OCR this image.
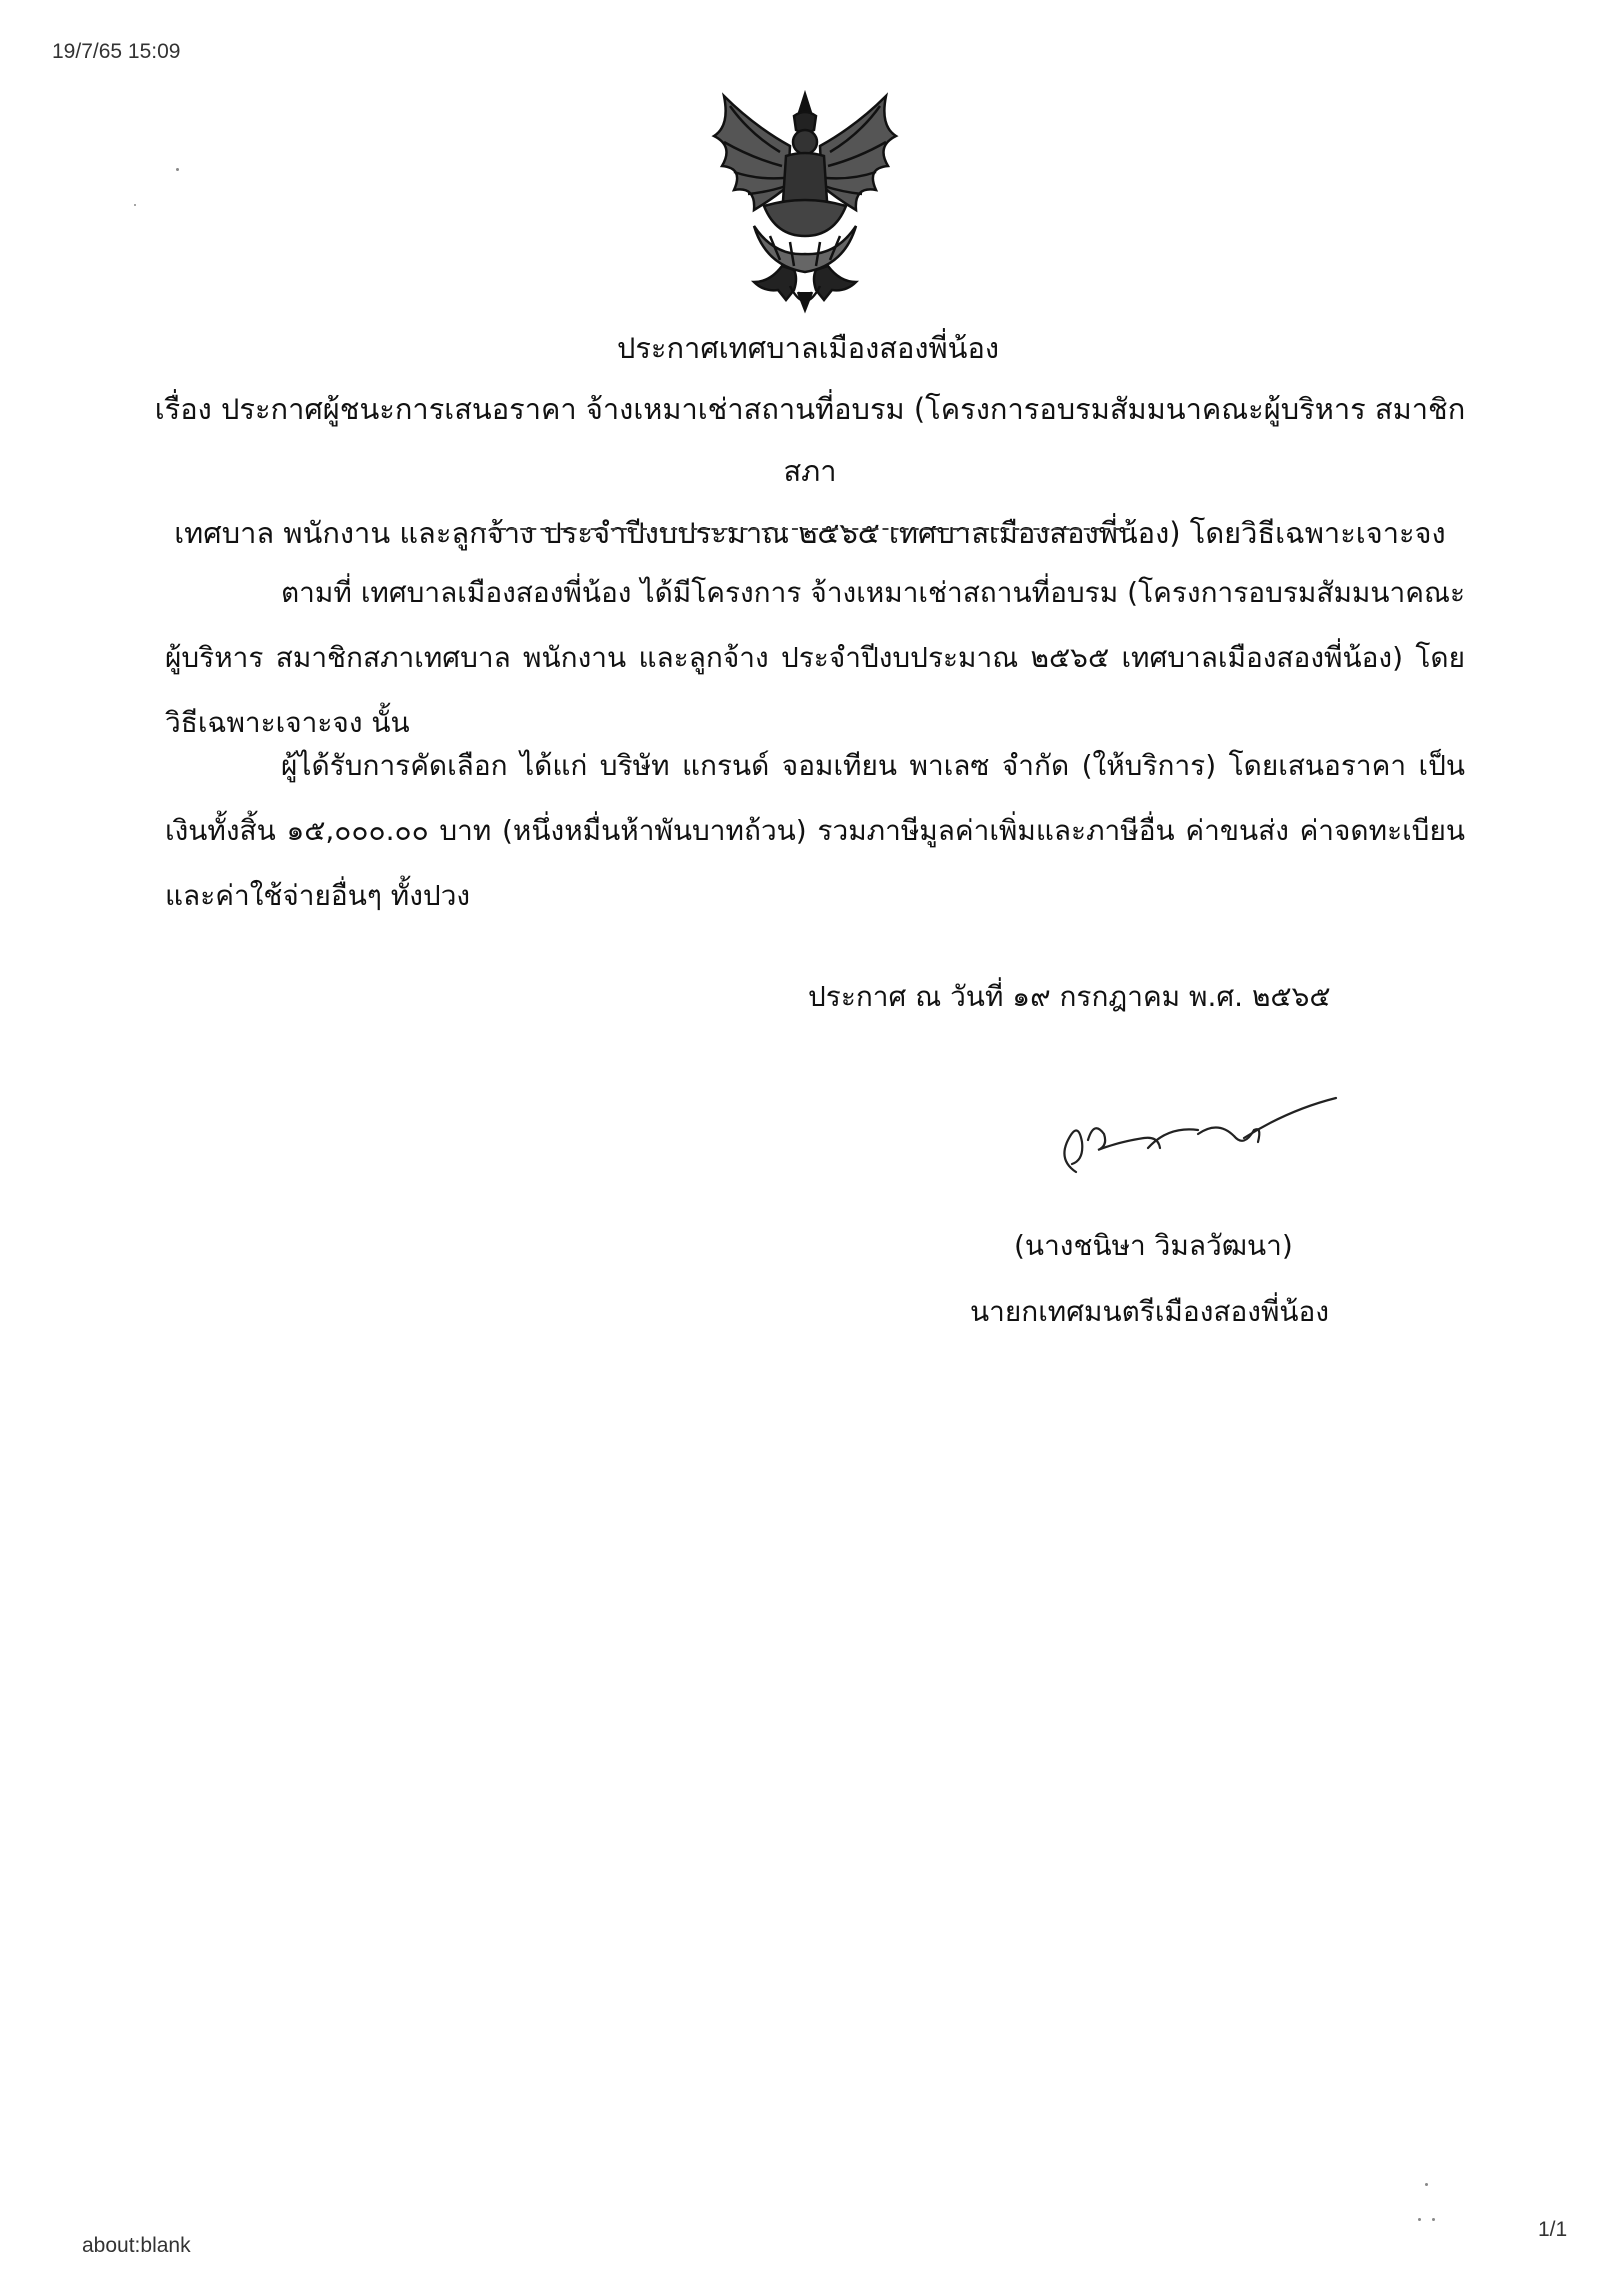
19/7/65 15:09
ประกาศเทศบาลเมืองสองพี่น้อง
เรื่อง ประกาศผู้ชนะการเสนอราคา จ้างเหมาเช่าสถานที่อบรม (โครงการอบรมสัมมนาคณะผู้บริหาร สมาชิกสภา
เทศบาล พนักงาน และลูกจ้าง ประจำปีงบประมาณ ๒๕๖๕ เทศบาลเมืองสองพี่น้อง) โดยวิธีเฉพาะเจาะจง
ตามที่ เทศบาลเมืองสองพี่น้อง ได้มีโครงการ จ้างเหมาเช่าสถานที่อบรม (โครงการอบรมสัมมนาคณะผู้บริหาร สมาชิกสภาเทศบาล พนักงาน และลูกจ้าง ประจำปีงบประมาณ ๒๕๖๕ เทศบาลเมืองสองพี่น้อง) โดยวิธีเฉพาะเจาะจง นั้น
ผู้ได้รับการคัดเลือก ได้แก่ บริษัท แกรนด์ จอมเทียน พาเลซ จำกัด (ให้บริการ) โดยเสนอราคา เป็นเงินทั้งสิ้น ๑๕,๐๐๐.๐๐ บาท (หนึ่งหมื่นห้าพันบาทถ้วน) รวมภาษีมูลค่าเพิ่มและภาษีอื่น ค่าขนส่ง ค่าจดทะเบียน และค่าใช้จ่ายอื่นๆ ทั้งปวง
ประกาศ ณ วันที่ ๑๙ กรกฎาคม พ.ศ. ๒๕๖๕
(นางชนิษา วิมลวัฒนา)
นายกเทศมนตรีเมืองสองพี่น้อง
about:blank
1/1
